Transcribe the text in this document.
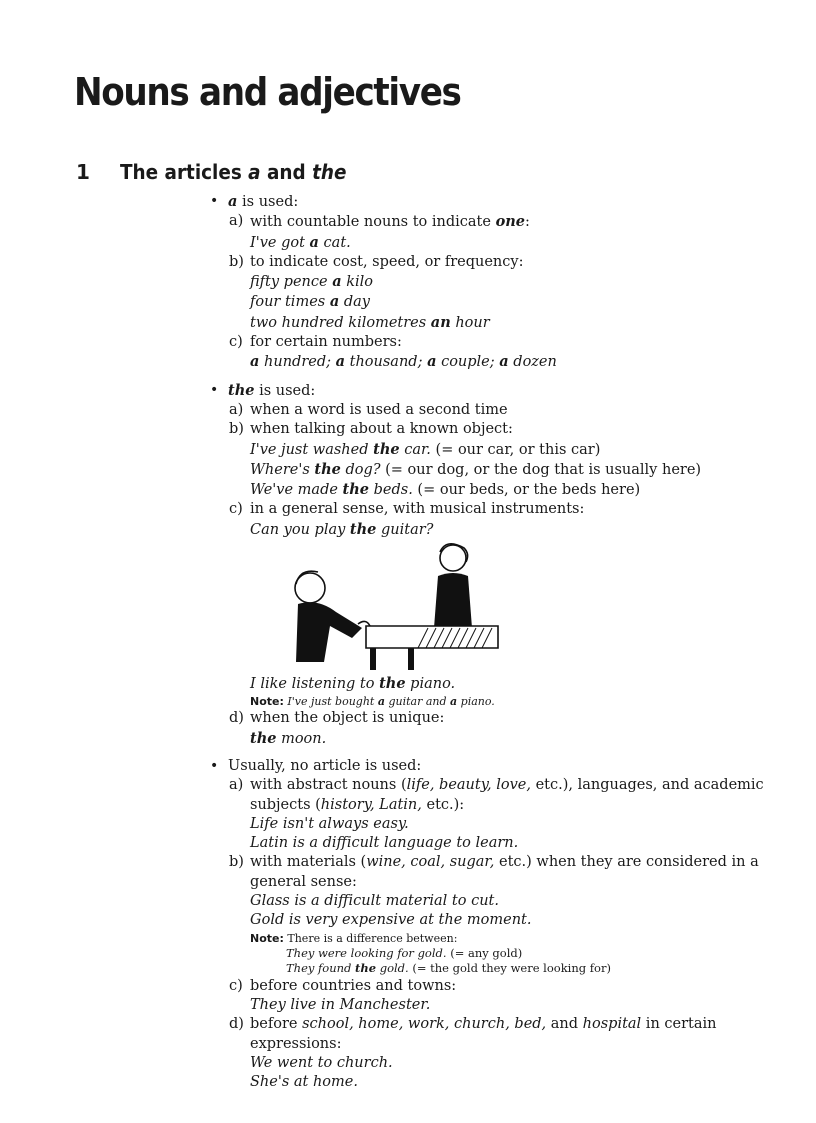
Nouns and adjectives
1 The articles a and the
• a is used:
a) with countable nouns to indicate one:
I've got a cat.
b) to indicate cost, speed, or frequency:
fifty pence a kilo
four times a day
two hundred kilometres an hour
c) for certain numbers:
a hundred; a thousand; a couple; a dozen
• the is used:
a) when a word is used a second time
b) when talking about a known object:
I've just washed the car. (= our car, or this car)
Where's the dog? (= our dog, or the dog that is usually here)
We've made the beds. (= our beds, or the beds here)
c) in a general sense, with musical instruments:
Can you play the guitar?
I like listening to the piano.
Note: I've just bought a guitar and a piano.
d) when the object is unique:
the moon.
• Usually, no article is used:
a) with abstract nouns (life, beauty, love, etc.), languages, and academic
subjects (history, Latin, etc.):
Life isn't always easy.
Latin is a difficult language to learn.
b) with materials (wine, coal, sugar, etc.) when they are considered in a
general sense:
Glass is a difficult material to cut.
Gold is very expensive at the moment.
Note: There is a difference between:
They were looking for gold. (= any gold)
They found the gold. (= the gold they were looking for)
c) before countries and towns:
They live in Manchester.
d) before school, home, work, church, bed, and hospital in certain
expressions:
We went to church.
She's at home.
